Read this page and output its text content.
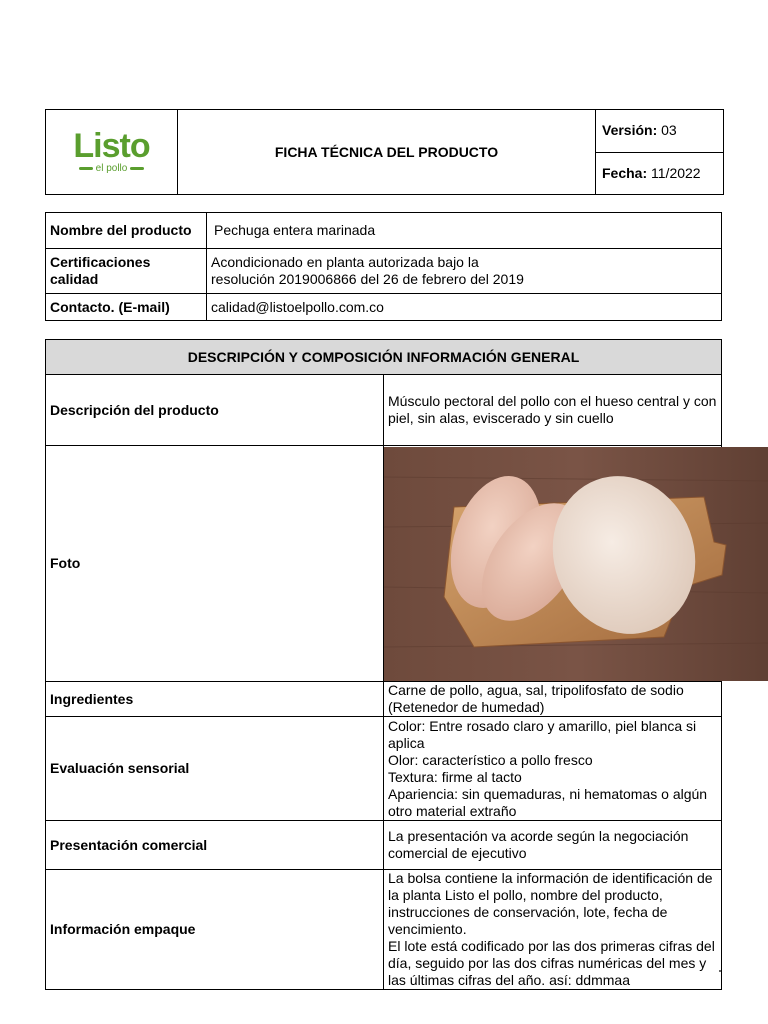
Listo
el pollo
	FICHA TÉCNICA DEL PRODUCTO	Versión: 03
Fecha: 11/2022
Nombre del producto	Pechuga entera marinada
Certificaciones calidad	Acondicionado en planta autorizada bajo la
resolución 2019006866 del 26 de febrero del 2019

Contacto. (E-mail)	calidad@listoelpollo.com.co
DESCRIPCIÓN Y COMPOSICIÓN INFORMACIÓN GENERAL	
Descripción del producto	Músculo pectoral del pollo con el hueso central y con piel, sin alas, eviscerado y sin cuello
Foto	

Ingredientes	Carne de pollo, agua, sal, tripolifosfato de sodio (Retenedor de humedad)
Evaluación sensorial	Color: Entre rosado claro y amarillo, piel blanca si aplica
Olor: característico a pollo fresco
Textura: firme al tacto
Apariencia: sin quemaduras, ni hematomas o algún otro material extraño

Presentación comercial	La presentación va acorde según la negociación comercial de ejecutivo
Información empaque	La bolsa contiene la información de identificación de la planta Listo el pollo, nombre del producto, instrucciones de conservación, lote, fecha de vencimiento.
El lote está codificado por las dos primeras cifras del día, seguido por las dos cifras numéricas del mes y las últimas cifras del año. así: ddmmaa
